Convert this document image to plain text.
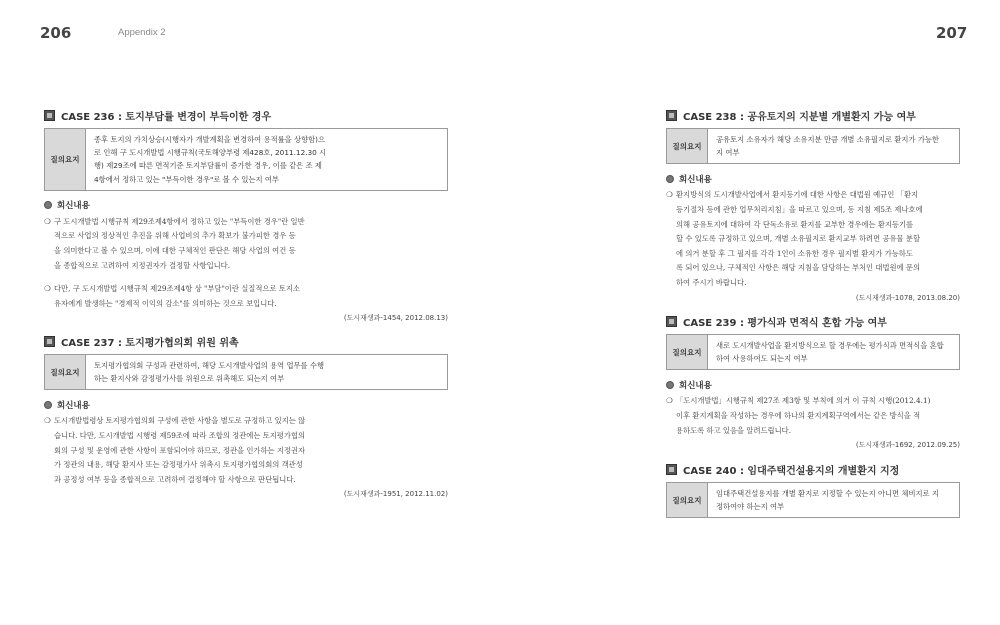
206	Appendix 2
CASE 236 : 토지부담률 변경이 부득이한 경우
질의요지
종후 토지의 가치상승(시행자가 개발계획을 변경하여 용적률을 상향함)으
로 인해 구 도시개발법 시행규칙(국토해양부령 제428호, 2011.12.30 시
행) 제29조에 따른 면적기준 토지부담률이 증가한 경우, 이를 같은 조 제
4항에서 정하고 있는 "부득이한 경우"로 볼 수 있는지 여부
회신내용
❍ 구 도시개발법 시행규칙 제29조제4항에서 정하고 있는 "부득이한 경우"란 일반
적으로 사업의 정상적인 추진을 위해 사업비의 추가 확보가 불가피한 경우 등
을 의미한다고 볼 수 있으며, 이에 대한 구체적인 판단은 해당 사업의 여건 등
을 종합적으로 고려하여 지정권자가 결정할 사항입니다.
❍ 다만, 구 도시개발법 시행규칙 제29조제4항 상 "부담"이란 실질적으로 토지소
유자에게 발생하는 "경제적 이익의 감소"를 의미하는 것으로 보입니다.
(도시재생과-1454, 2012.08.13)
CASE 237 : 토지평가협의회 위원 위촉
질의요지
토지평가협의회 구성과 관련하여, 해당 도시개발사업의 용역 업무를 수행
하는 환지사와 감정평가사를 위원으로 위촉해도 되는지 여부
회신내용
❍ 도시개발법령상 토지평가협의회 구성에 관한 사항을 별도로 규정하고 있지는 않
습니다. 다만, 도시개발법 시행령 제59조에 따라 조합의 정관에는 토지평가협의
회의 구성 및 운영에 관한 사항이 포함되어야 하므로, 정관을 인가하는 지정권자
가 정관의 내용, 해당 환지사 또는 감정평가사 위촉시 토지평가협의회의 객관성
과 공정성 여부 등을 종합적으로 고려하여 결정해야 할 사항으로 판단됩니다.
(도시재생과-1951, 2012.11.02)
207
CASE 238 : 공유토지의 지분별 개별환지 가능 여부
질의요지
공유토지 소유자가 해당 소유지분 만큼 개별 소유필지로 환지가 가능한
지 여부
회신내용
❍ 환지방식의 도시개발사업에서 환지등기에 대한 사항은 대법원 예규인 「환지
등기절차 등에 관한 업무처리지침」을 따르고 있으며, 동 지침 제5조 제나호에
의해 공유토지에 대하여 각 단독소유로 환지를 교부한 경우에는 환지등기를
할 수 있도록 규정하고 있으며, 개별 소유필지로 환지교부 하려면 공유물 분할
에 의거 분할 후 그 필지를 각각 1인이 소유한 경우 필지별 환지가 가능하도
록 되어 있으나, 구체적인 사항은 해당 지침을 담당하는 부처인 대법원에 문의
하여 주시기 바랍니다.
(도시재생과-1078, 2013.08.20)
CASE 239 : 평가식과 면적식 혼합 가능 여부
질의요지
새로 도시개발사업을 환지방식으로 할 경우에는 평가식과 면적식을 혼합
하여 사용하여도 되는지 여부
회신내용
❍ 「도시개발법」시행규칙 제27조 제3항 및 부칙에 의거 이 규칙 시행(2012.4.1)
이후 환지계획을 작성하는 경우에 하나의 환지계획구역에서는 같은 방식을 적
용하도록 하고 있음을 알려드립니다.
(도시재생과-1692, 2012.09.25)
CASE 240 : 임대주택건설용지의 개별환지 지정
질의요지
임대주택건설용지를 개별 환지로 지정할 수 있는지 아니면 체비지로 지
정하여야 하는지 여부
